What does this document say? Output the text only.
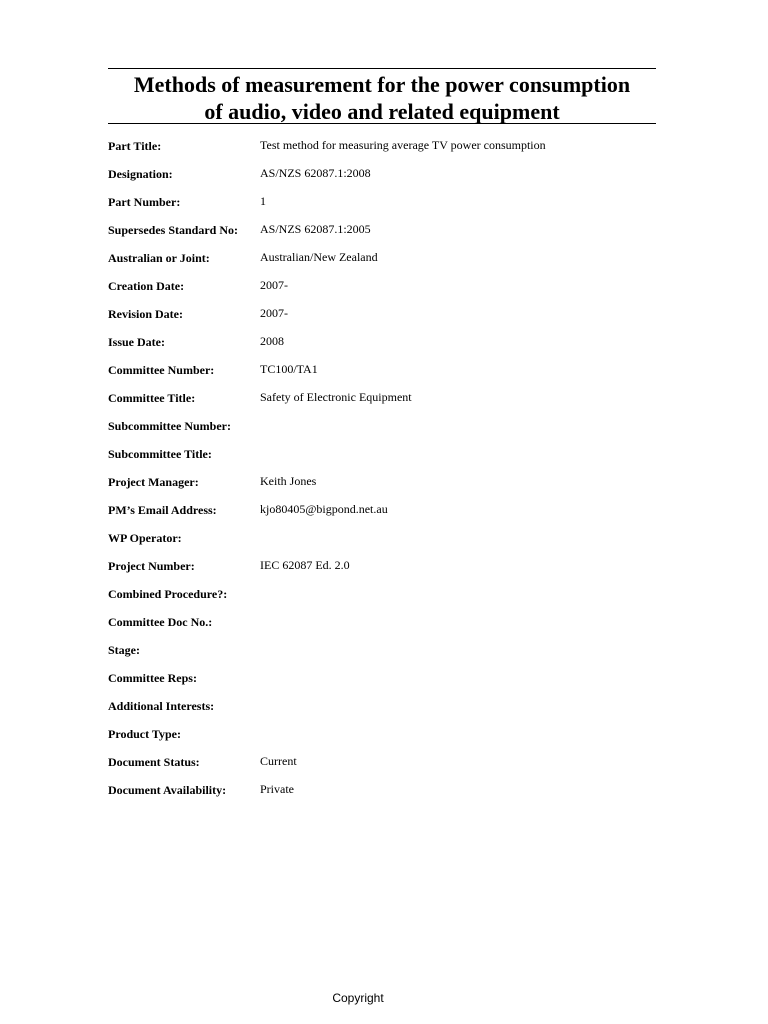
Methods of measurement for the power consumption
of audio, video and related equipment
Part Title:	Test method for measuring average TV power consumption
Designation:	AS/NZS 62087.1:2008
Part Number:	1
Supersedes Standard No: AS/NZS 62087.1:2005
Australian or Joint:	Australian/New Zealand
Creation Date:	2007-
Revision Date:	2007-
Issue Date:	2008
Committee Number:	TC100/TA1
Committee Title:	Safety of Electronic Equipment
Subcommittee Number:
Subcommittee Title:
Project Manager:	Keith Jones
PM’s Email Address:	kjo80405@bigpond.net.au
WP Operator:
Project Number:	IEC 62087 Ed. 2.0
Combined Procedure?:
Committee Doc No.:
Stage:
Committee Reps:
Additional Interests:
Product Type:
Document Status:	Current
Document Availability:	Private
Copyright
